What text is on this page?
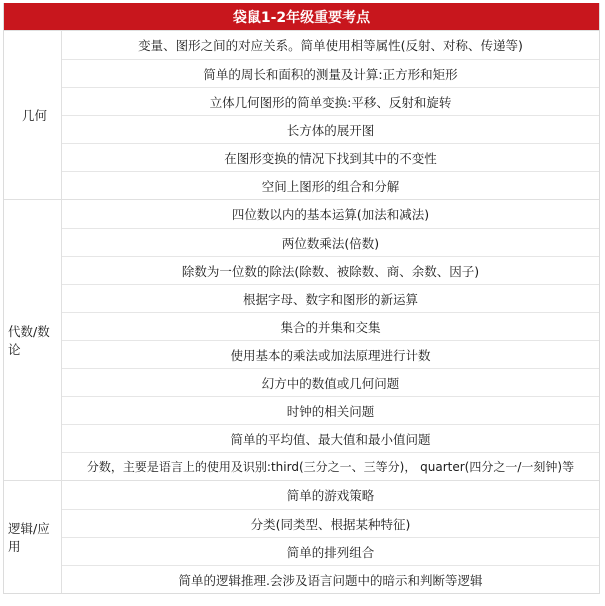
袋鼠1-2年级重要考点
几何
变量、图形之间的对应关系。简单使用相等属性(反射、对称、传递等)
简单的周长和面积的测量及计算:正方形和矩形
立体几何图形的简单变换:平移、反射和旋转
长方体的展开图
在图形变换的情况下找到其中的不变性
空间上图形的组合和分解
代数/数论
四位数以内的基本运算(加法和减法)
两位数乘法(倍数)
除数为一位数的除法(除数、被除数、商、余数、因子)
根据字母、数字和图形的新运算
集合的并集和交集
使用基本的乘法或加法原理进行计数
幻方中的数值或几何问题
时钟的相关问题
简单的平均值、最大值和最小值问题
分数，主要是语言上的使用及识别:third(三分之一、三等分)， quarter(四分之一/一刻钟)等
逻辑/应用
简单的游戏策略
分类(同类型、根据某种特征)
简单的排列组合
简单的逻辑推理.会涉及语言问题中的暗示和判断等逻辑
